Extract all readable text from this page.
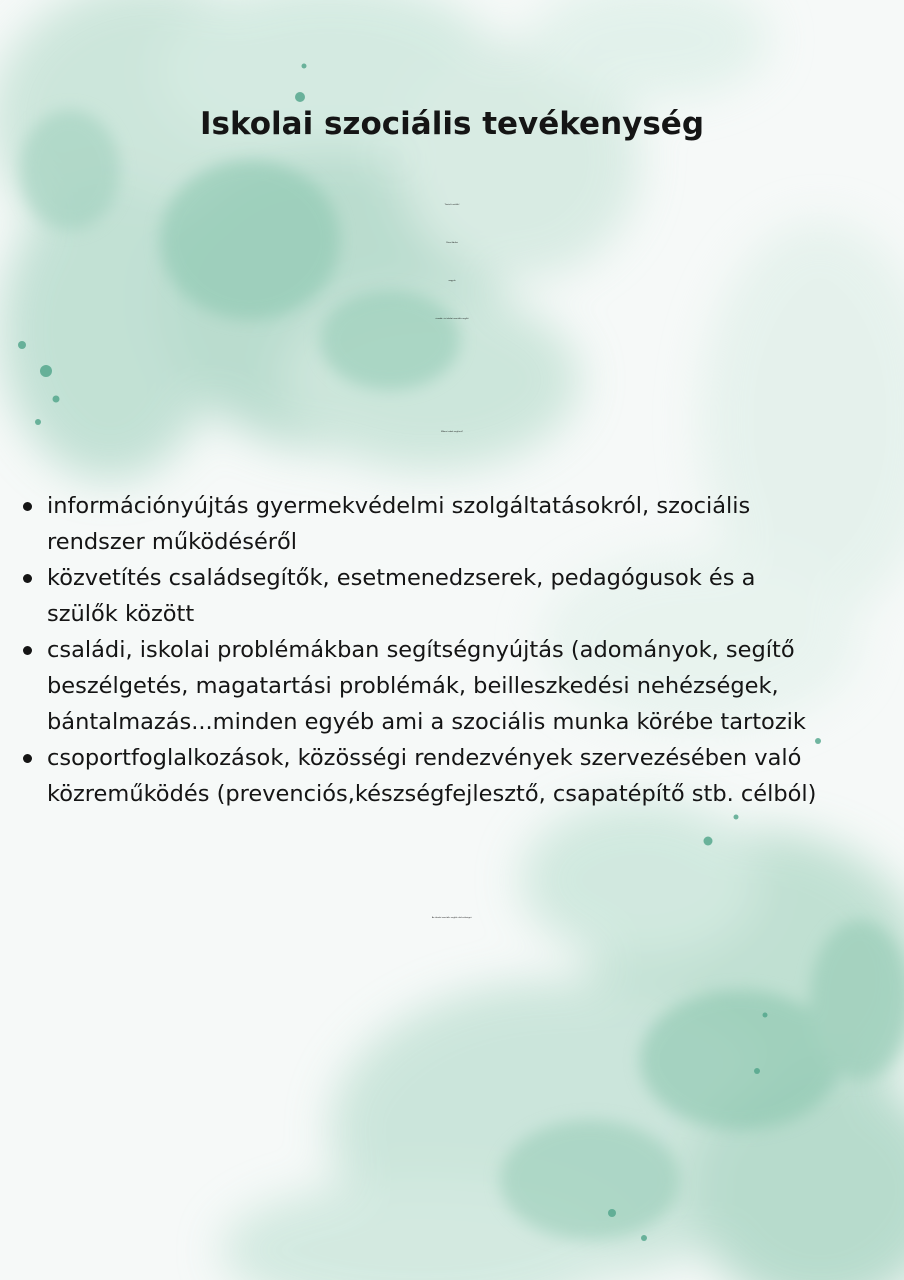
Iskolai szociális tevékenység
Tisztelt szülők!
Dóczi Anikó
vagyok
óvodai- és iskolai szociális segítő
Miben tudok segíteni?
információnyújtás gyermekvédelmi szolgáltatásokról, szociális
rendszer működéséről
közvetítés családsegítők, esetmenedzserek, pedagógusok és a
szülők között
családi, iskolai problémákban segítségnyújtás (adományok, segítő
beszélgetés, magatartási problémák, beilleszkedési nehézségek,
bántalmazás...minden egyéb ami a szociális munka körébe tartozik
csoportfoglalkozások, közösségi rendezvények szervezésében való
közreműködés (prevenciós,készségfejlesztő, csapatépítő stb. célból)
Az iskolai szociális segítő elérhetőségei:
